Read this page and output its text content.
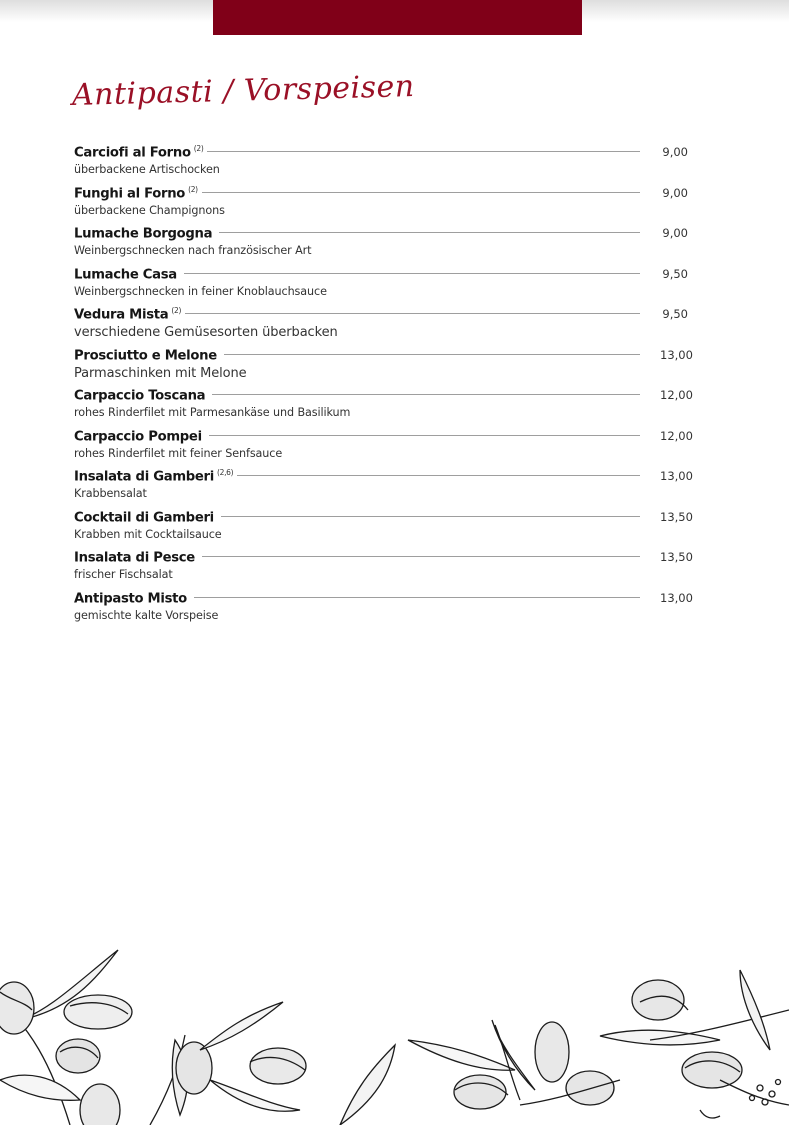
Antipasti / Vorspeisen
Carciofi al Forno $^{(2)}$	9,00
überbackene Artischocken
Funghi al Forno $^{(2)}$	9,00
überbackene Champignons
Lumache Borgogna	9,00
Weinbergschnecken nach französischer Art
Lumache Casa	9,50
Weinbergschnecken in feiner Knoblauchsauce
Vedura Mista $^{(2)}$	9,50
verschiedene Gemüsesorten überbacken
Prosciutto e Melone	13,00
Parmaschinken mit Melone
Carpaccio Toscana	12,00
rohes Rinderfilet mit Parmesankäse und Basilikum
Carpaccio Pompei	12,00
rohes Rinderfilet mit feiner Senfsauce
Insalata di Gamberi $^{(2,6)}$	13,00
Krabbensalat
Cocktail di Gamberi	13,50
Krabben mit Cocktailsauce
Insalata di Pesce	13,50
frischer Fischsalat
Antipasto Misto	13,00
gemischte kalte Vorspeise
